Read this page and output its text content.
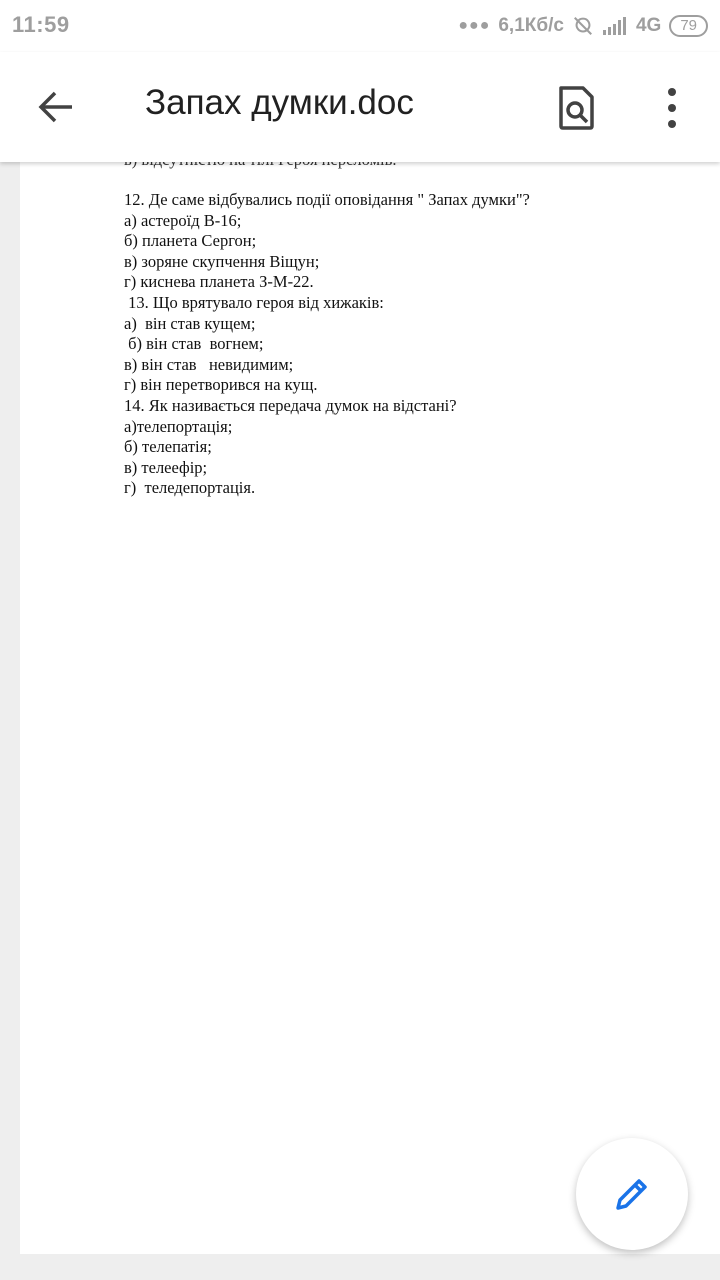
11:59	●●● 6,1Кб/с	4G	79
Запах думки.doc
12. Де саме відбувались події оповідання " Запах думки"?
а) астероїд В-16;
б) планета Сергон;
в) зоряне скупчення Віщун;
г) киснева планета З-М-22.
13. Що врятувало героя від хижаків:
а)  він став кущем;
б) він став  вогнем;
в) він став   невидимим;
г) він перетворився на кущ.
14. Як називається передача думок на відстані?
а)телепортація;
б) телепатія;
в) телеефір;
г)  теледепортація.
